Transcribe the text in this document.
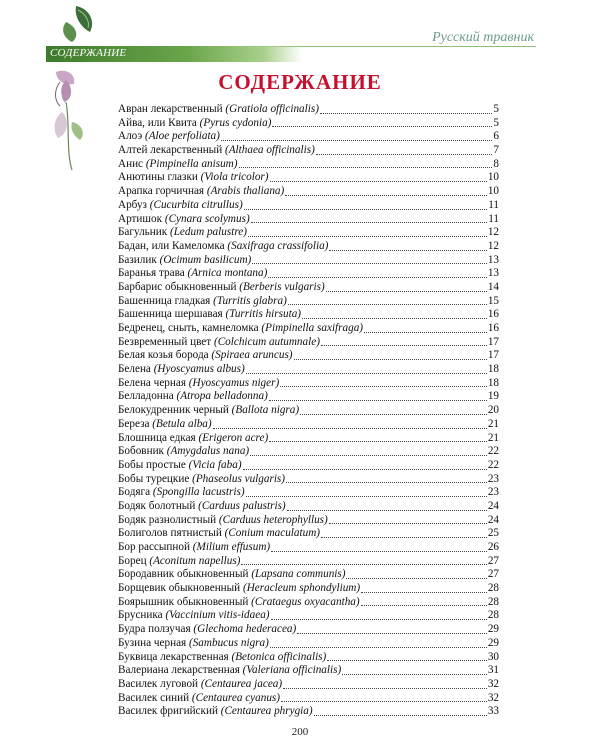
Русский травник
СОДЕРЖАНИЕ
СОДЕРЖАНИЕ
Авран лекарственный (Gratiola officinalis)	5
Айва, или Квита (Pyrus cydonia)	5
Алоэ (Aloe perfoliata)	6
Алтей лекарственный (Althaea officinalis)	7
Анис (Pimpinella anisum)	8
Анютины глазки (Viola tricolor)	10
Арапка горчичная (Arabis thaliana)	10
Арбуз (Cucurbita citrullus)	11
Артишок (Cynara scolymus)	11
Багульник (Ledum palustre)	12
Бадан, или Камеломка (Saxifraga crassifolia)	12
Базилик (Ocimum basilicum)	13
Баранья трава (Arnica montana)	13
Барбарис обыкновенный (Berberis vulgaris)	14
Башенница гладкая (Turritis glabra)	15
Башенница шершавая (Turritis hirsuta)	16
Бедренец, сныть, камнеломка (Pimpinella saxifraga)	16
Безвременный цвет (Colchicum autumnale)	17
Белая козья борода (Spiraea aruncus)	17
Белена (Hyoscyamus albus)	18
Белена черная (Hyoscyamus niger)	18
Белладонна (Atropa belladonna)	19
Белокудренник черный (Ballota nigra)	20
Береза (Betula alba)	21
Блошница едкая (Erigeron acre)	21
Бобовник (Amygdalus nana)	22
Бобы простые (Vicia faba)	22
Бобы турецкие (Phaseolus vulgaris)	23
Бодяга (Spongilla lacustris)	23
Бодяк болотный (Carduus palustris)	24
Бодяк разнолистный (Carduus heterophyllus)	24
Болиголов пятнистый (Conium maculatum)	25
Бор рассыпной (Milium effusum)	26
Борец (Aconitum napellus)	27
Бородавник обыкновенный (Lapsana communis)	27
Борщевик обыкновенный (Heracleum sphondylium)	28
Боярышник обыкновенный (Crataegus oxyacantha)	28
Брусника (Vaccinium vitis-idaea)	28
Будра ползучая (Glechoma hederacea)	29
Бузина черная (Sambucus nigra)	29
Буквица лекарственная (Betonica officinalis)	30
Валериана лекарственная (Valeriana officinalis)	31
Василек луговой (Centaurea jacea)	32
Василек синий (Centaurea cyanus)	32
Василек фригийский (Centaurea phrygia)	33
200
